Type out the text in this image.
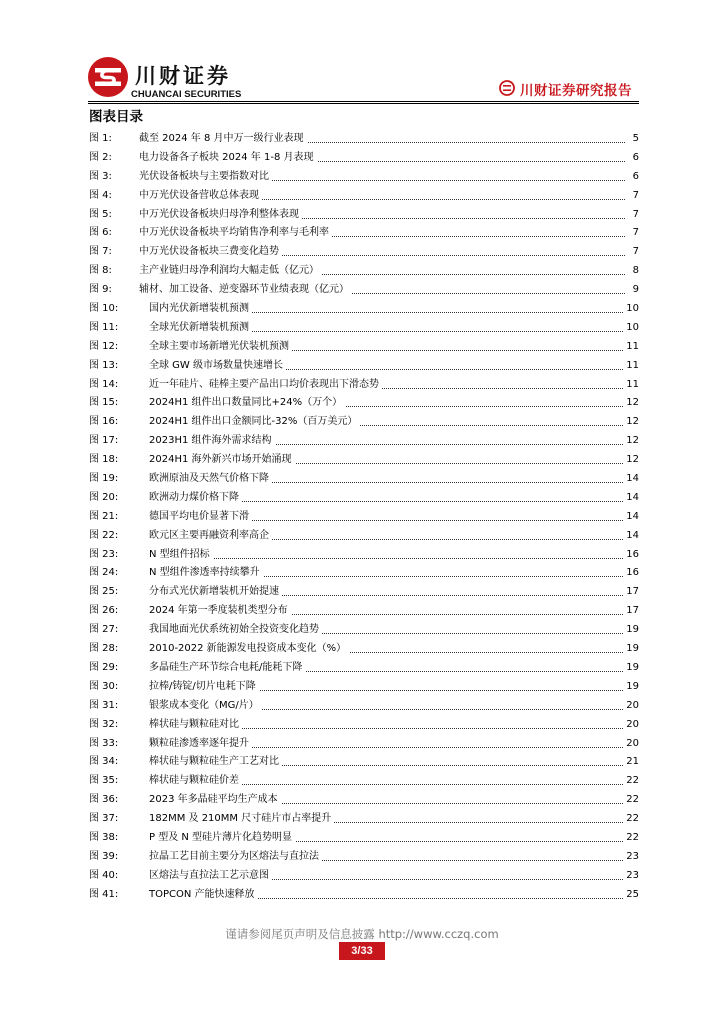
川财证券
CHUANCAI SECURITIES	川财证券研究报告
图表目录
图 1:	截至 2024 年 8 月中万一级行业表现	5
图 2:	电力设备各子板块 2024 年 1-8 月表现	6
图 3:	光伏设备板块与主要指数对比	6
图 4:	中万光伏设备营收总体表现	7
图 5:	中万光伏设备板块归母净利整体表现	7
图 6:	中万光伏设备板块平均销售净利率与毛利率	7
图 7:	中万光伏设备板块三费变化趋势	7
图 8:	主产业链归母净利润均大幅走低（亿元）	8
图 9:	辅材、加工设备、逆变器环节业绩表现（亿元）	9
图 10:	国内光伏新增装机预测	10
图 11:	全球光伏新增装机预测	10
图 12:	全球主要市场新增光伏装机预测	11
图 13:	全球 GW 级市场数量快速增长	11
图 14:	近一年硅片、硅棒主要产品出口均价表现出下滑态势	11
图 15:	2024H1 组件出口数量同比+24%（万个）	12
图 16:	2024H1 组件出口金额同比-32%（百万美元）	12
图 17:	2023H1 组件海外需求结构	12
图 18:	2024H1 海外新兴市场开始涌现	12
图 19:	欧洲原油及天然气价格下降	14
图 20:	欧洲动力煤价格下降	14
图 21:	德国平均电价显著下滑	14
图 22:	欧元区主要再融资利率高企	14
图 23:	N 型组件招标	16
图 24:	N 型组件渗透率持续攀升	16
图 25:	分布式光伏新增装机开始提速	17
图 26:	2024 年第一季度装机类型分布	17
图 27:	我国地面光伏系统初始全投资变化趋势	19
图 28:	2010-2022 新能源发电投资成本变化（%）	19
图 29:	多晶硅生产环节综合电耗/能耗下降	19
图 30:	拉棒/铸锭/切片电耗下降	19
图 31:	银浆成本变化（MG/片）	20
图 32:	棒状硅与颗粒硅对比	20
图 33:	颗粒硅渗透率逐年提升	20
图 34:	棒状硅与颗粒硅生产工艺对比	21
图 35:	棒状硅与颗粒硅价差	22
图 36:	2023 年多晶硅平均生产成本	22
图 37:	182MM 及 210MM 尺寸硅片市占率提升	22
图 38:	P 型及 N 型硅片薄片化趋势明显	22
图 39:	拉晶工艺目前主要分为区熔法与直拉法	23
图 40:	区熔法与直拉法工艺示意图	23
图 41:	TOPCON 产能快速释放	25
谨请参阅尾页声明及信息披露 http://www.cczq.com
3/33
